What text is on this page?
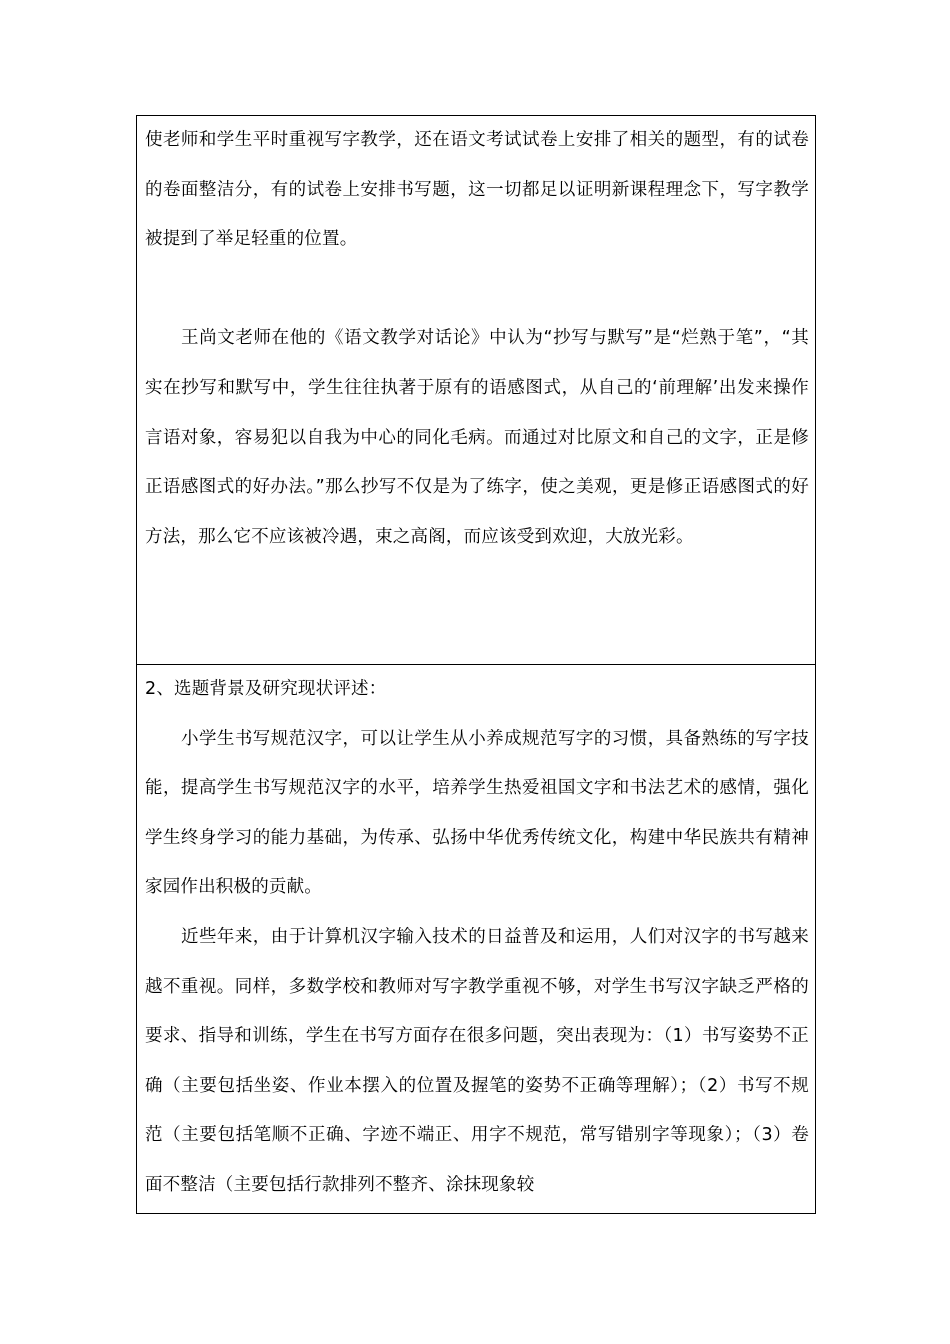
使老师和学生平时重视写字教学，还在语文考试试卷上安排了相关的题型，有的试卷的卷面整洁分，有的试卷上安排书写题，这一切都足以证明新课程理念下，写字教学被提到了举足轻重的位置。

王尚文老师在他的《语文教学对话论》中认为“抄写与默写”是“烂熟于笔”，“其实在抄写和默写中，学生往往执著于原有的语感图式，从自己的‘前理解’出发来操作言语对象，容易犯以自我为中心的同化毛病。而通过对比原文和自己的文字，正是修正语感图式的好办法。”那么抄写不仅是为了练字，使之美观，更是修正语感图式的好方法，那么它不应该被冷遇，束之高阁，而应该受到欢迎，大放光彩。

2、选题背景及研究现状评述：

小学生书写规范汉字，可以让学生从小养成规范写字的习惯，具备熟练的写字技能，提高学生书写规范汉字的水平，培养学生热爱祖国文字和书法艺术的感情，强化学生终身学习的能力基础，为传承、弘扬中华优秀传统文化，构建中华民族共有精神家园作出积极的贡献。

近些年来，由于计算机汉字输入技术的日益普及和运用，人们对汉字的书写越来越不重视。同样，多数学校和教师对写字教学重视不够，对学生书写汉字缺乏严格的要求、指导和训练，学生在书写方面存在很多问题，突出表现为：（1）书写姿势不正确（主要包括坐姿、作业本摆入的位置及握笔的姿势不正确等理解）；（2）书写不规范（主要包括笔顺不正确、字迹不端正、用字不规范，常写错别字等现象）；（3）卷面不整洁（主要包括行款排列不整齐、涂抹现象较
